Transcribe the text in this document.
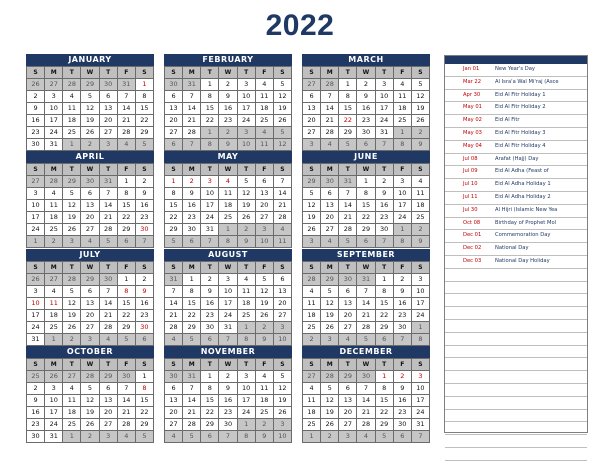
2022
JANUARY
S	M	T	W	T	F	S
26	27	28	29	30	31	1
2	3	4	5	6	7	8
9	10	11	12	13	14	15
16	17	18	19	20	21	22
23	24	25	26	27	28	29
30	31	1	2	3	4	5
FEBRUARY
S	M	T	W	T	F	S
30	31	1	2	3	4	5
6	7	8	9	10	11	12
13	14	15	16	17	18	19
20	21	22	23	24	25	26
27	28	1	2	3	4	5
6	7	8	9	10	11	12
MARCH
S	M	T	W	T	F	S
27	28	1	2	3	4	5
6	7	8	9	10	11	12
13	14	15	16	17	18	19
20	21	22	23	24	25	26
27	28	29	30	31	1	2
3	4	5	6	7	8	9
APRIL
S	M	T	W	T	F	S
27	28	29	30	31	1	2
3	4	5	6	7	8	9
10	11	12	13	14	15	16
17	18	19	20	21	22	23
24	25	26	27	28	29	30
1	2	3	4	5	6	7
MAY
S	M	T	W	T	F	S
1	2	3	4	5	6	7
8	9	10	11	12	13	14
15	16	17	18	19	20	21
22	23	24	25	26	27	28
29	30	31	1	2	3	4
5	6	7	8	9	10	11
JUNE
S	M	T	W	T	F	S
29	30	31	1	2	3	4
5	6	7	8	9	10	11
12	13	14	15	16	17	18
19	20	21	22	23	24	25
26	27	28	29	30	1	2
3	4	5	6	7	8	9
JULY
S	M	T	W	T	F	S
26	27	28	29	30	1	2
3	4	5	6	7	8	9
10	11	12	13	14	15	16
17	18	19	20	21	22	23
24	25	26	27	28	29	30
31	1	2	3	4	5	6
AUGUST
S	M	T	W	T	F	S
31	1	2	3	4	5	6
7	8	9	10	11	12	13
14	15	16	17	18	19	20
21	22	23	24	25	26	27
28	29	30	31	1	2	3
4	5	6	7	8	9	10
SEPTEMBER
S	M	T	W	T	F	S
28	29	30	31	1	2	3
4	5	6	7	8	9	10
11	12	13	14	15	16	17
18	19	20	21	22	23	24
25	26	27	28	29	30	1
2	3	4	5	6	7	8
OCTOBER
S	M	T	W	T	F	S
25	26	27	28	29	30	1
2	3	4	5	6	7	8
9	10	11	12	13	14	15
16	17	18	19	20	21	22
23	24	25	26	27	28	29
30	31	1	2	3	4	5
NOVEMBER
S	M	T	W	T	F	S
30	31	1	2	3	4	5
6	7	8	9	10	11	12
13	14	15	16	17	18	19
20	21	22	23	24	25	26
27	28	29	30	1	2	3
4	5	6	7	8	9	10
DECEMBER
S	M	T	W	T	F	S
27	28	29	30	1	2	3
4	5	6	7	8	9	10
11	12	13	14	15	16	17
18	19	20	21	22	23	24
25	26	27	28	29	30	31
1	2	3	4	5	6	7
Jan 01	New Year's Day
Mar 22	Al Isra'a Wal Mi'raj (Asce
Apr 30	Eid Al Fitr Holiday 1
May 01	Eid Al Fitr Holiday 2
May 02	Eid Al Fitr
May 03	Eid Al Fitr Holiday 3
May 04	Eid Al Fitr Holiday 4
Jul 08	Arafat (Hajj) Day
Jul 09	Eid Al Adha (Feast of
Jul 10	Eid Al Adha Holiday 1
Jul 11	Eid Al Adha Holiday 2
Jul 30	Al Hijri (Islamic New Yea
Oct 08	Birthday of Prophet Mol
Dec 01	Commemoration Day
Dec 02	National Day
Dec 03	National Day Holiday
